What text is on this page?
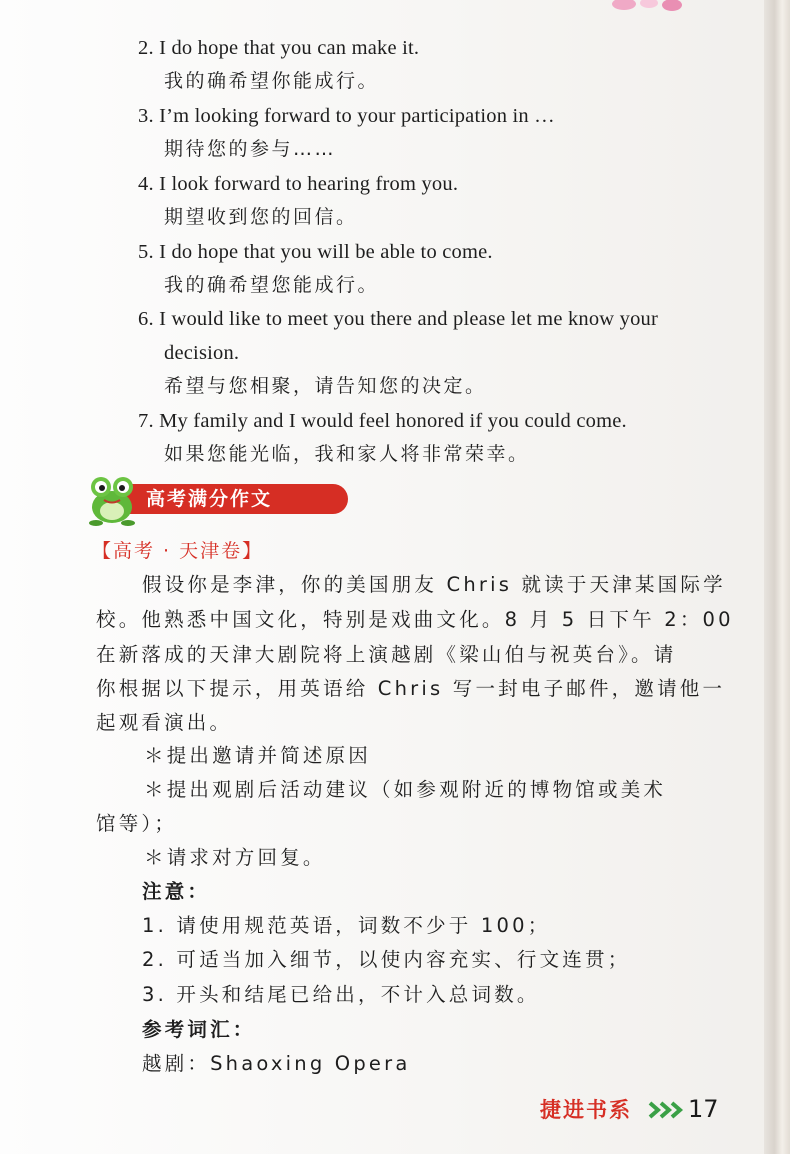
2. I do hope that you can make it.
我的确希望你能成行。
3. I’m looking forward to your participation in …
期待您的参与……
4. I look forward to hearing from you.
期望收到您的回信。
5. I do hope that you will be able to come.
我的确希望您能成行。
6. I would like to meet you there and please let me know your
decision.
希望与您相聚，请告知您的决定。
7. My family and I would feel honored if you could come.
如果您能光临，我和家人将非常荣幸。
高考满分作文
【高考 · 天津卷】
假设你是李津，你的美国朋友 Chris 就读于天津某国际学
校。他熟悉中国文化，特别是戏曲文化。8 月 5 日下午 2：00
在新落成的天津大剧院将上演越剧《梁山伯与祝英台》。请
你根据以下提示，用英语给 Chris 写一封电子邮件，邀请他一
起观看演出。
＊提出邀请并简述原因
＊提出观剧后活动建议（如参观附近的博物馆或美术
馆等）；
＊请求对方回复。
注意：
1. 请使用规范英语，词数不少于 100；
2. 可适当加入细节，以使内容充实、行文连贯；
3. 开头和结尾已给出，不计入总词数。
参考词汇：
越剧：Shaoxing Opera
捷进书系 17
